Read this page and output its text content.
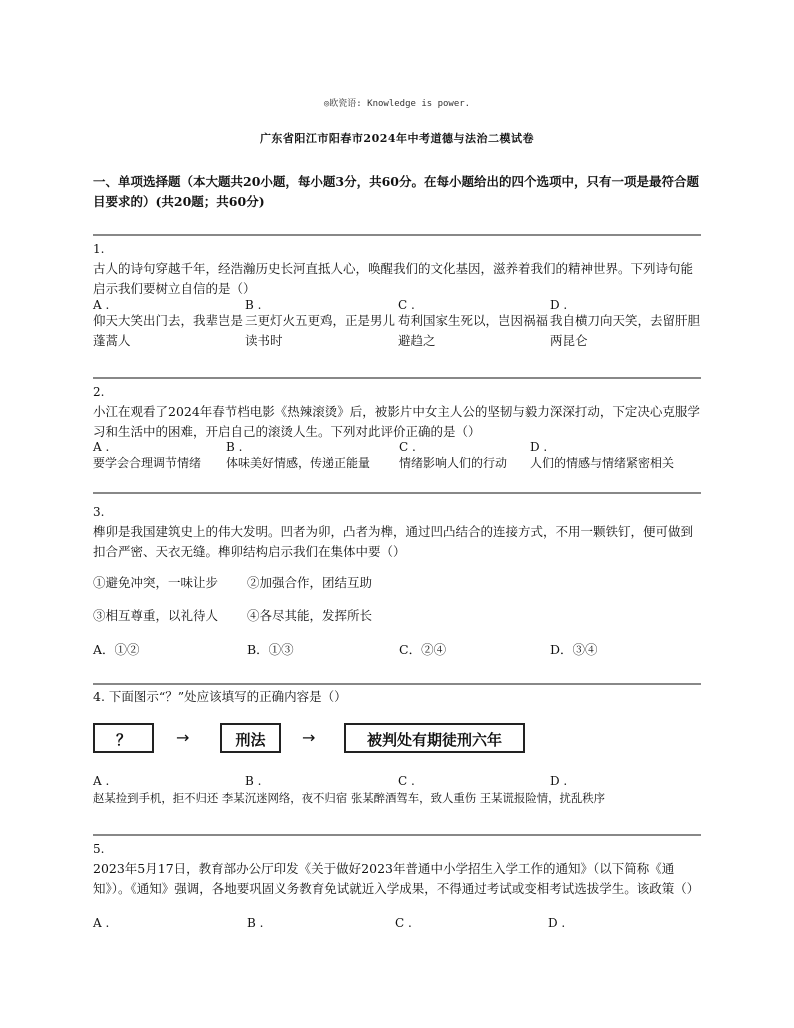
◎欧瓷语: Knowledge is power.
广东省阳江市阳春市2024年中考道德与法治二模试卷
一、单项选择题（本大题共20小题，每小题3分，共60分。在每小题给出的四个选项中，只有一项是最符合题目要求的）(共20题；共60分)
1.
古人的诗句穿越千年，经浩瀚历史长河直抵人心，唤醒我们的文化基因，滋养着我们的精神世界。下列诗句能启示我们要树立自信的是（）
A .	B .	C .	D .
仰天大笑出门去，我辈岂是蓬蒿人
三更灯火五更鸡，正是男儿读书时
苟利国家生死以，岂因祸福避趋之
我自横刀向天笑，去留肝胆两昆仑
2.
小江在观看了2024年春节档电影《热辣滚烫》后，被影片中女主人公的坚韧与毅力深深打动，下定决心克服学习和生活中的困难，开启自己的滚烫人生。下列对此评价正确的是（）
A .	B .	C .	D .
要学会合理调节情绪	体味美好情感，传递正能量	情绪影响人们的行动	人们的情感与情绪紧密相关
3.
榫卯是我国建筑史上的伟大发明。凹者为卯，凸者为榫，通过凹凸结合的连接方式，不用一颗铁钉，便可做到扣合严密、天衣无缝。榫卯结构启示我们在集体中要（）
①避免冲突，一味让步 ②加强合作，团结互助
③相互尊重，以礼待人 ④各尽其能，发挥所长
A．①②	B．①③	C．②④	D．③④
4. 下面图示“？”处应该填写的正确内容是（）
？	→	刑法	→	被判处有期徒刑六年
A .	B .	C .	D .
赵某捡到手机，拒不归还 李某沉迷网络，夜不归宿 张某醉酒驾车，致人重伤 王某谎报险情，扰乱秩序
5.
2023年5月17日，教育部办公厅印发《关于做好2023年普通中小学招生入学工作的通知》（以下简称《通知》）。《通知》强调，各地要巩固义务教育免试就近入学成果，不得通过考试或变相考试选拔学生。该政策（）
A .	B .	C .	D .
